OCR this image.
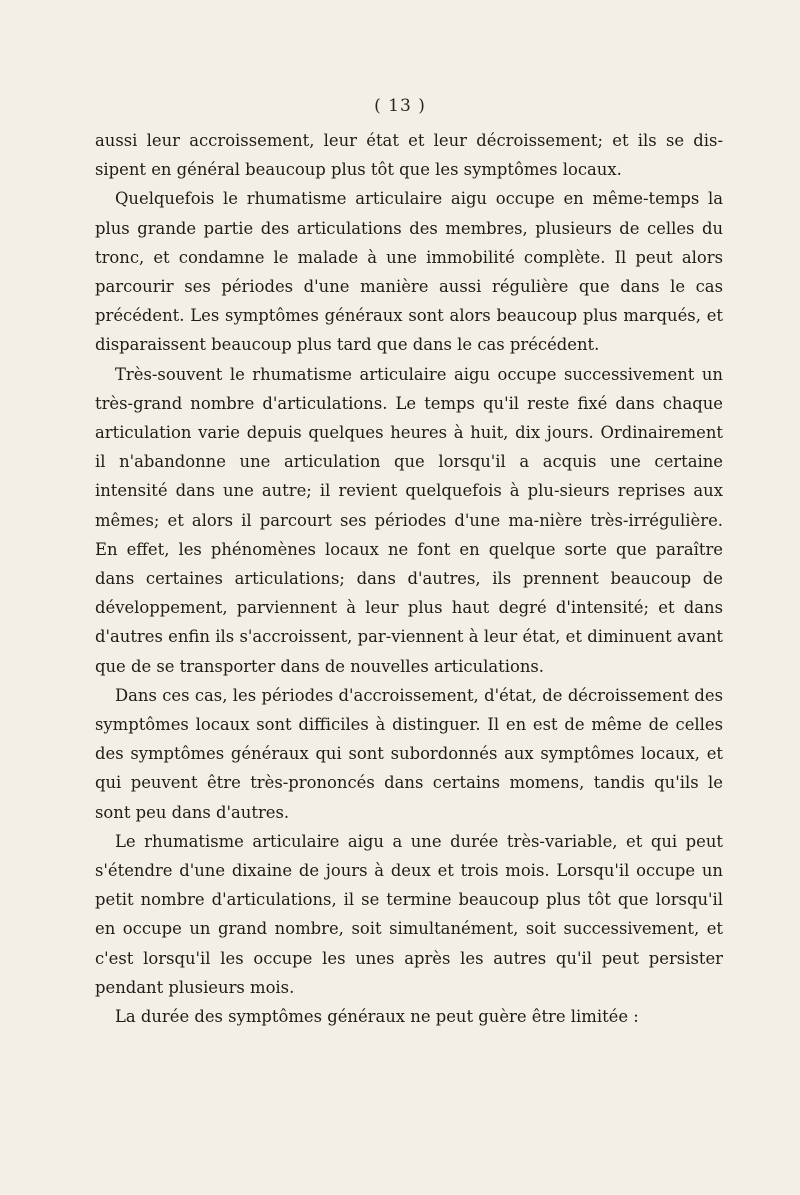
( 13 )

aussi leur accroissement, leur état et leur décroissement; et ils se dis-sipent en général beaucoup plus tôt que les symptômes locaux.

Quelquefois le rhumatisme articulaire aigu occupe en même-temps la plus grande partie des articulations des membres, plusieurs de celles du tronc, et condamne le malade à une immobilité complète. Il peut alors parcourir ses périodes d'une manière aussi régulière que dans le cas précédent. Les symptômes généraux sont alors beaucoup plus marqués, et disparaissent beaucoup plus tard que dans le cas précédent.

Très-souvent le rhumatisme articulaire aigu occupe successivement un très-grand nombre d'articulations. Le temps qu'il reste fixé dans chaque articulation varie depuis quelques heures à huit, dix jours. Ordinairement il n'abandonne une articulation que lorsqu'il a acquis une certaine intensité dans une autre; il revient quelquefois à plu-sieurs reprises aux mêmes; et alors il parcourt ses périodes d'une ma-nière très-irrégulière. En effet, les phénomènes locaux ne font en quelque sorte que paraître dans certaines articulations; dans d'autres, ils prennent beaucoup de développement, parviennent à leur plus haut degré d'intensité; et dans d'autres enfin ils s'accroissent, par-viennent à leur état, et diminuent avant que de se transporter dans de nouvelles articulations.

Dans ces cas, les périodes d'accroissement, d'état, de décroissement des symptômes locaux sont difficiles à distinguer. Il en est de même de celles des symptômes généraux qui sont subordonnés aux symptômes locaux, et qui peuvent être très-prononcés dans certains momens, tandis qu'ils le sont peu dans d'autres.

Le rhumatisme articulaire aigu a une durée très-variable, et qui peut s'étendre d'une dixaine de jours à deux et trois mois. Lorsqu'il occupe un petit nombre d'articulations, il se termine beaucoup plus tôt que lorsqu'il en occupe un grand nombre, soit simultanément, soit successivement, et c'est lorsqu'il les occupe les unes après les autres qu'il peut persister pendant plusieurs mois.

La durée des symptômes généraux ne peut guère être limitée :
